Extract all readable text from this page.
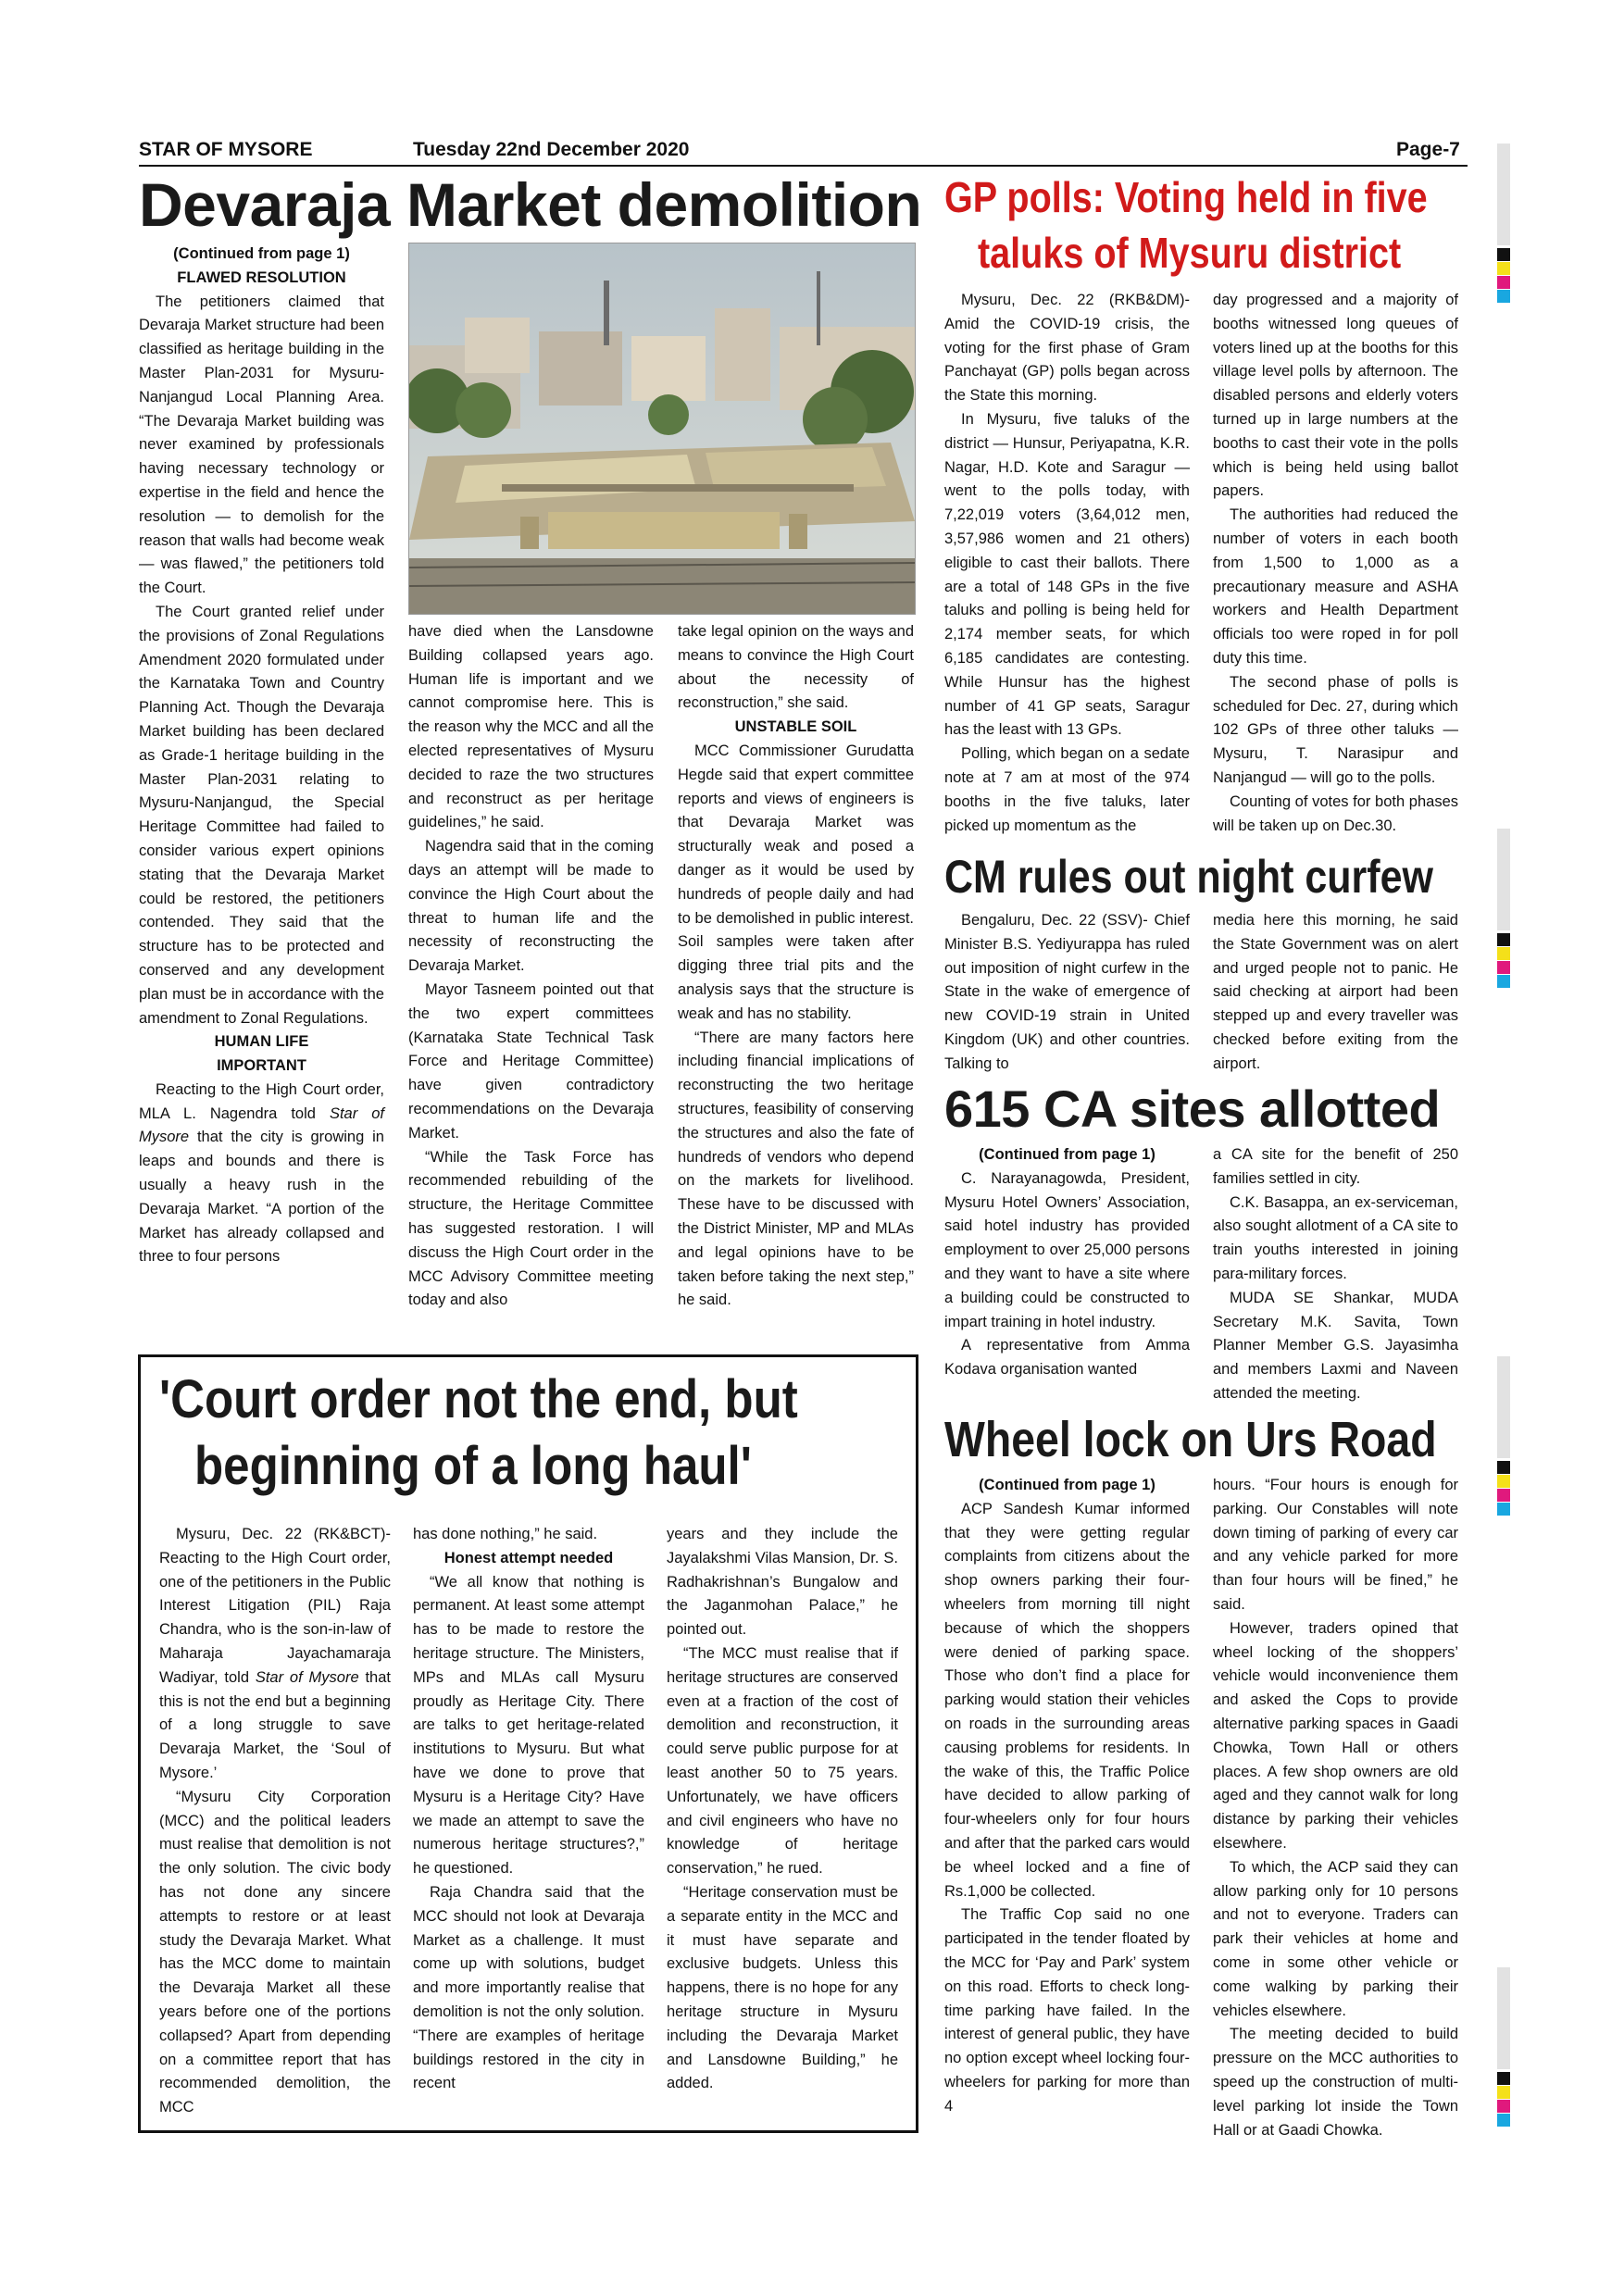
STAR OF MYSORE	Tuesday 22nd December 2020	Page-7
Devaraja Market demolition

(Continued from page 1)

FLAWED RESOLUTION

The petitioners claimed that Devaraja Market structure had been classified as heritage building in the Master Plan-2031 for Mysuru-Nanjangud Local Planning Area. “The Devaraja Market building was never examined by professionals having necessary technology or expertise in the field and hence the resolution — to demolish for the reason that walls had become weak — was flawed,” the petitioners told the Court.

The Court granted relief under the provisions of Zonal Regulations Amendment 2020 formulated under the Karnataka Town and Country Planning Act. Though the Devaraja Market building has been declared as Grade-1 heritage building in the Master Plan-2031 relating to Mysuru-Nanjangud, the Special Heritage Committee had failed to consider various expert opinions stating that the Devaraja Market could be restored, the petitioners contended. They said that the structure has to be protected and conserved and any development plan must be in accordance with the amendment to Zonal Regulations.

HUMAN LIFE

IMPORTANT

Reacting to the High Court order, MLA L. Nagendra told Star of Mysore that the city is growing in leaps and bounds and there is usually a heavy rush in the Devaraja Market. “A portion of the Market has already collapsed and three to four persons

have died when the Lansdowne Building collapsed years ago. Human life is important and we cannot compromise here. This is the reason why the MCC and all the elected representatives of Mysuru decided to raze the two structures and reconstruct as per heritage guidelines,” he said.

Nagendra said that in the coming days an attempt will be made to convince the High Court about the threat to human life and the necessity of reconstructing the Devaraja Market.

Mayor Tasneem pointed out that the two expert committees (Karnataka State Technical Task Force and Heritage Committee) have given contradictory recommendations on the Devaraja Market.

“While the Task Force has recommended rebuilding of the structure, the Heritage Committee has suggested restoration. I will discuss the High Court order in the MCC Advisory Committee meeting today and also

take legal opinion on the ways and means to convince the High Court about the necessity of reconstruction,” she said.

UNSTABLE SOIL

MCC Commissioner Gurudatta Hegde said that expert committee reports and views of engineers is that Devaraja Market was structurally weak and posed a danger as it would be used by hundreds of people daily and had to be demolished in public interest. Soil samples were taken after digging three trial pits and the analysis says that the structure is weak and has no stability.

“There are many factors here including financial implications of reconstructing the two heritage structures, feasibility of conserving the structures and also the fate of hundreds of vendors who depend on the markets for livelihood. These have to be discussed with the District Minister, MP and MLAs and legal opinions have to be taken before taking the next step,” he said.

'Court order not the end, but
beginning of a long haul'

Mysuru, Dec. 22 (RK&BCT)- Reacting to the High Court order, one of the petitioners in the Public Interest Litigation (PIL) Raja Chandra, who is the son-in-law of Maharaja Jayachamaraja Wadiyar, told Star of Mysore that this is not the end but a beginning of a long struggle to save Devaraja Market, the ‘Soul of Mysore.’

“Mysuru City Corporation (MCC) and the political leaders must realise that demolition is not the only solution. The civic body has not done any sincere attempts to restore or at least study the Devaraja Market. What has the MCC dome to maintain the Devaraja Market all these years before one of the portions collapsed? Apart from depending on a committee report that has recommended demolition, the MCC

has done nothing,” he said.

Honest attempt needed

“We all know that nothing is permanent. At least some attempt has to be made to restore the heritage structure. The Ministers, MPs and MLAs call Mysuru proudly as Heritage City. There are talks to get heritage-related institutions to Mysuru. But what have we done to prove that Mysuru is a Heritage City? Have we made an attempt to save the numerous heritage structures?,” he questioned.

Raja Chandra said that the MCC should not look at Devaraja Market as a challenge. It must come up with solutions, budget and more importantly realise that demolition is not the only solution. “There are examples of heritage buildings restored in the city in recent

years and they include the Jayalakshmi Vilas Mansion, Dr. S. Radhakrishnan’s Bungalow and the Jaganmohan Palace,” he pointed out.

“The MCC must realise that if heritage structures are conserved even at a fraction of the cost of demolition and reconstruction, it could serve public purpose for at least another 50 to 75 years. Unfortunately, we have officers and civil engineers who have no knowledge of heritage conservation,” he rued.

“Heritage conservation must be a separate entity in the MCC and it must have separate and exclusive budgets. Unless this happens, there is no hope for any heritage structure in Mysuru including the Devaraja Market and Lansdowne Building,” he added.

GP polls: Voting held in five
taluks of Mysuru district

Mysuru, Dec. 22 (RKB&DM)- Amid the COVID-19 crisis, the voting for the first phase of Gram Panchayat (GP) polls began across the State this morning.

In Mysuru, five taluks of the district — Hunsur, Periyapatna, K.R. Nagar, H.D. Kote and Saragur — went to the polls today, with 7,22,019 voters (3,64,012 men, 3,57,986 women and 21 others) eligible to cast their ballots. There are a total of 148 GPs in the five taluks and polling is being held for 2,174 member seats, for which 6,185 candidates are contesting. While Hunsur has the highest number of 41 GP seats, Saragur has the least with 13 GPs.

Polling, which began on a sedate note at 7 am at most of the 974 booths in the five taluks, later picked up momentum as the

day progressed and a majority of booths witnessed long queues of voters lined up at the booths for this village level polls by afternoon. The disabled persons and elderly voters turned up in large numbers at the booths to cast their vote in the polls which is being held using ballot papers.

The authorities had reduced the number of voters in each booth from 1,500 to 1,000 as a precautionary measure and ASHA workers and Health Department officials too were roped in for poll duty this time.

The second phase of polls is scheduled for Dec. 27, during which 102 GPs of three other taluks — Mysuru, T. Narasipur and Nanjangud — will go to the polls.

Counting of votes for both phases will be taken up on Dec.30.

CM rules out night curfew

Bengaluru, Dec. 22 (SSV)- Chief Minister B.S. Yediyurappa has ruled out imposition of night curfew in the State in the wake of emergence of new COVID-19 strain in United Kingdom (UK) and other countries. Talking to

media here this morning, he said the State Government was on alert and urged people not to panic. He said checking at airport had been stepped up and every traveller was checked before exiting from the airport.

615 CA sites allotted

(Continued from page 1)

C. Narayanagowda, President, Mysuru Hotel Owners’ Association, said hotel industry has provided employment to over 25,000 persons and they want to have a site where a building could be constructed to impart training in hotel industry.

A representative from Amma Kodava organisation wanted

a CA site for the benefit of 250 families settled in city.

C.K. Basappa, an ex-serviceman, also sought allotment of a CA site to train youths interested in joining para-military forces.

MUDA SE Shankar, MUDA Secretary M.K. Savita, Town Planner Member G.S. Jayasimha and members Laxmi and Naveen attended the meeting.

Wheel lock on Urs Road

(Continued from page 1)

ACP Sandesh Kumar informed that they were getting regular complaints from citizens about the shop owners parking their four-wheelers from morning till night because of which the shoppers were denied of parking space. Those who don’t find a place for parking would station their vehicles on roads in the surrounding areas causing problems for residents. In the wake of this, the Traffic Police have decided to allow parking of four-wheelers only for four hours and after that the parked cars would be wheel locked and a fine of Rs.1,000 be collected.

The Traffic Cop said no one participated in the tender floated by the MCC for ‘Pay and Park’ system on this road. Efforts to check long-time parking have failed. In the interest of general public, they have no option except wheel locking four-wheelers for parking for more than 4

hours. “Four hours is enough for parking. Our Constables will note down timing of parking of every car and any vehicle parked for more than four hours will be fined,” he said.

However, traders opined that wheel locking of the shoppers’ vehicle would inconvenience them and asked the Cops to provide alternative parking spaces in Gaadi Chowka, Town Hall or others places. A few shop owners are old aged and they cannot walk for long distance by parking their vehicles elsewhere.

To which, the ACP said they can allow parking only for 10 persons and not to everyone. Traders can park their vehicles at home and come in some other vehicle or come walking by parking their vehicles elsewhere.

The meeting decided to build pressure on the MCC authorities to speed up the construction of multi-level parking lot inside the Town Hall or at Gaadi Chowka.
